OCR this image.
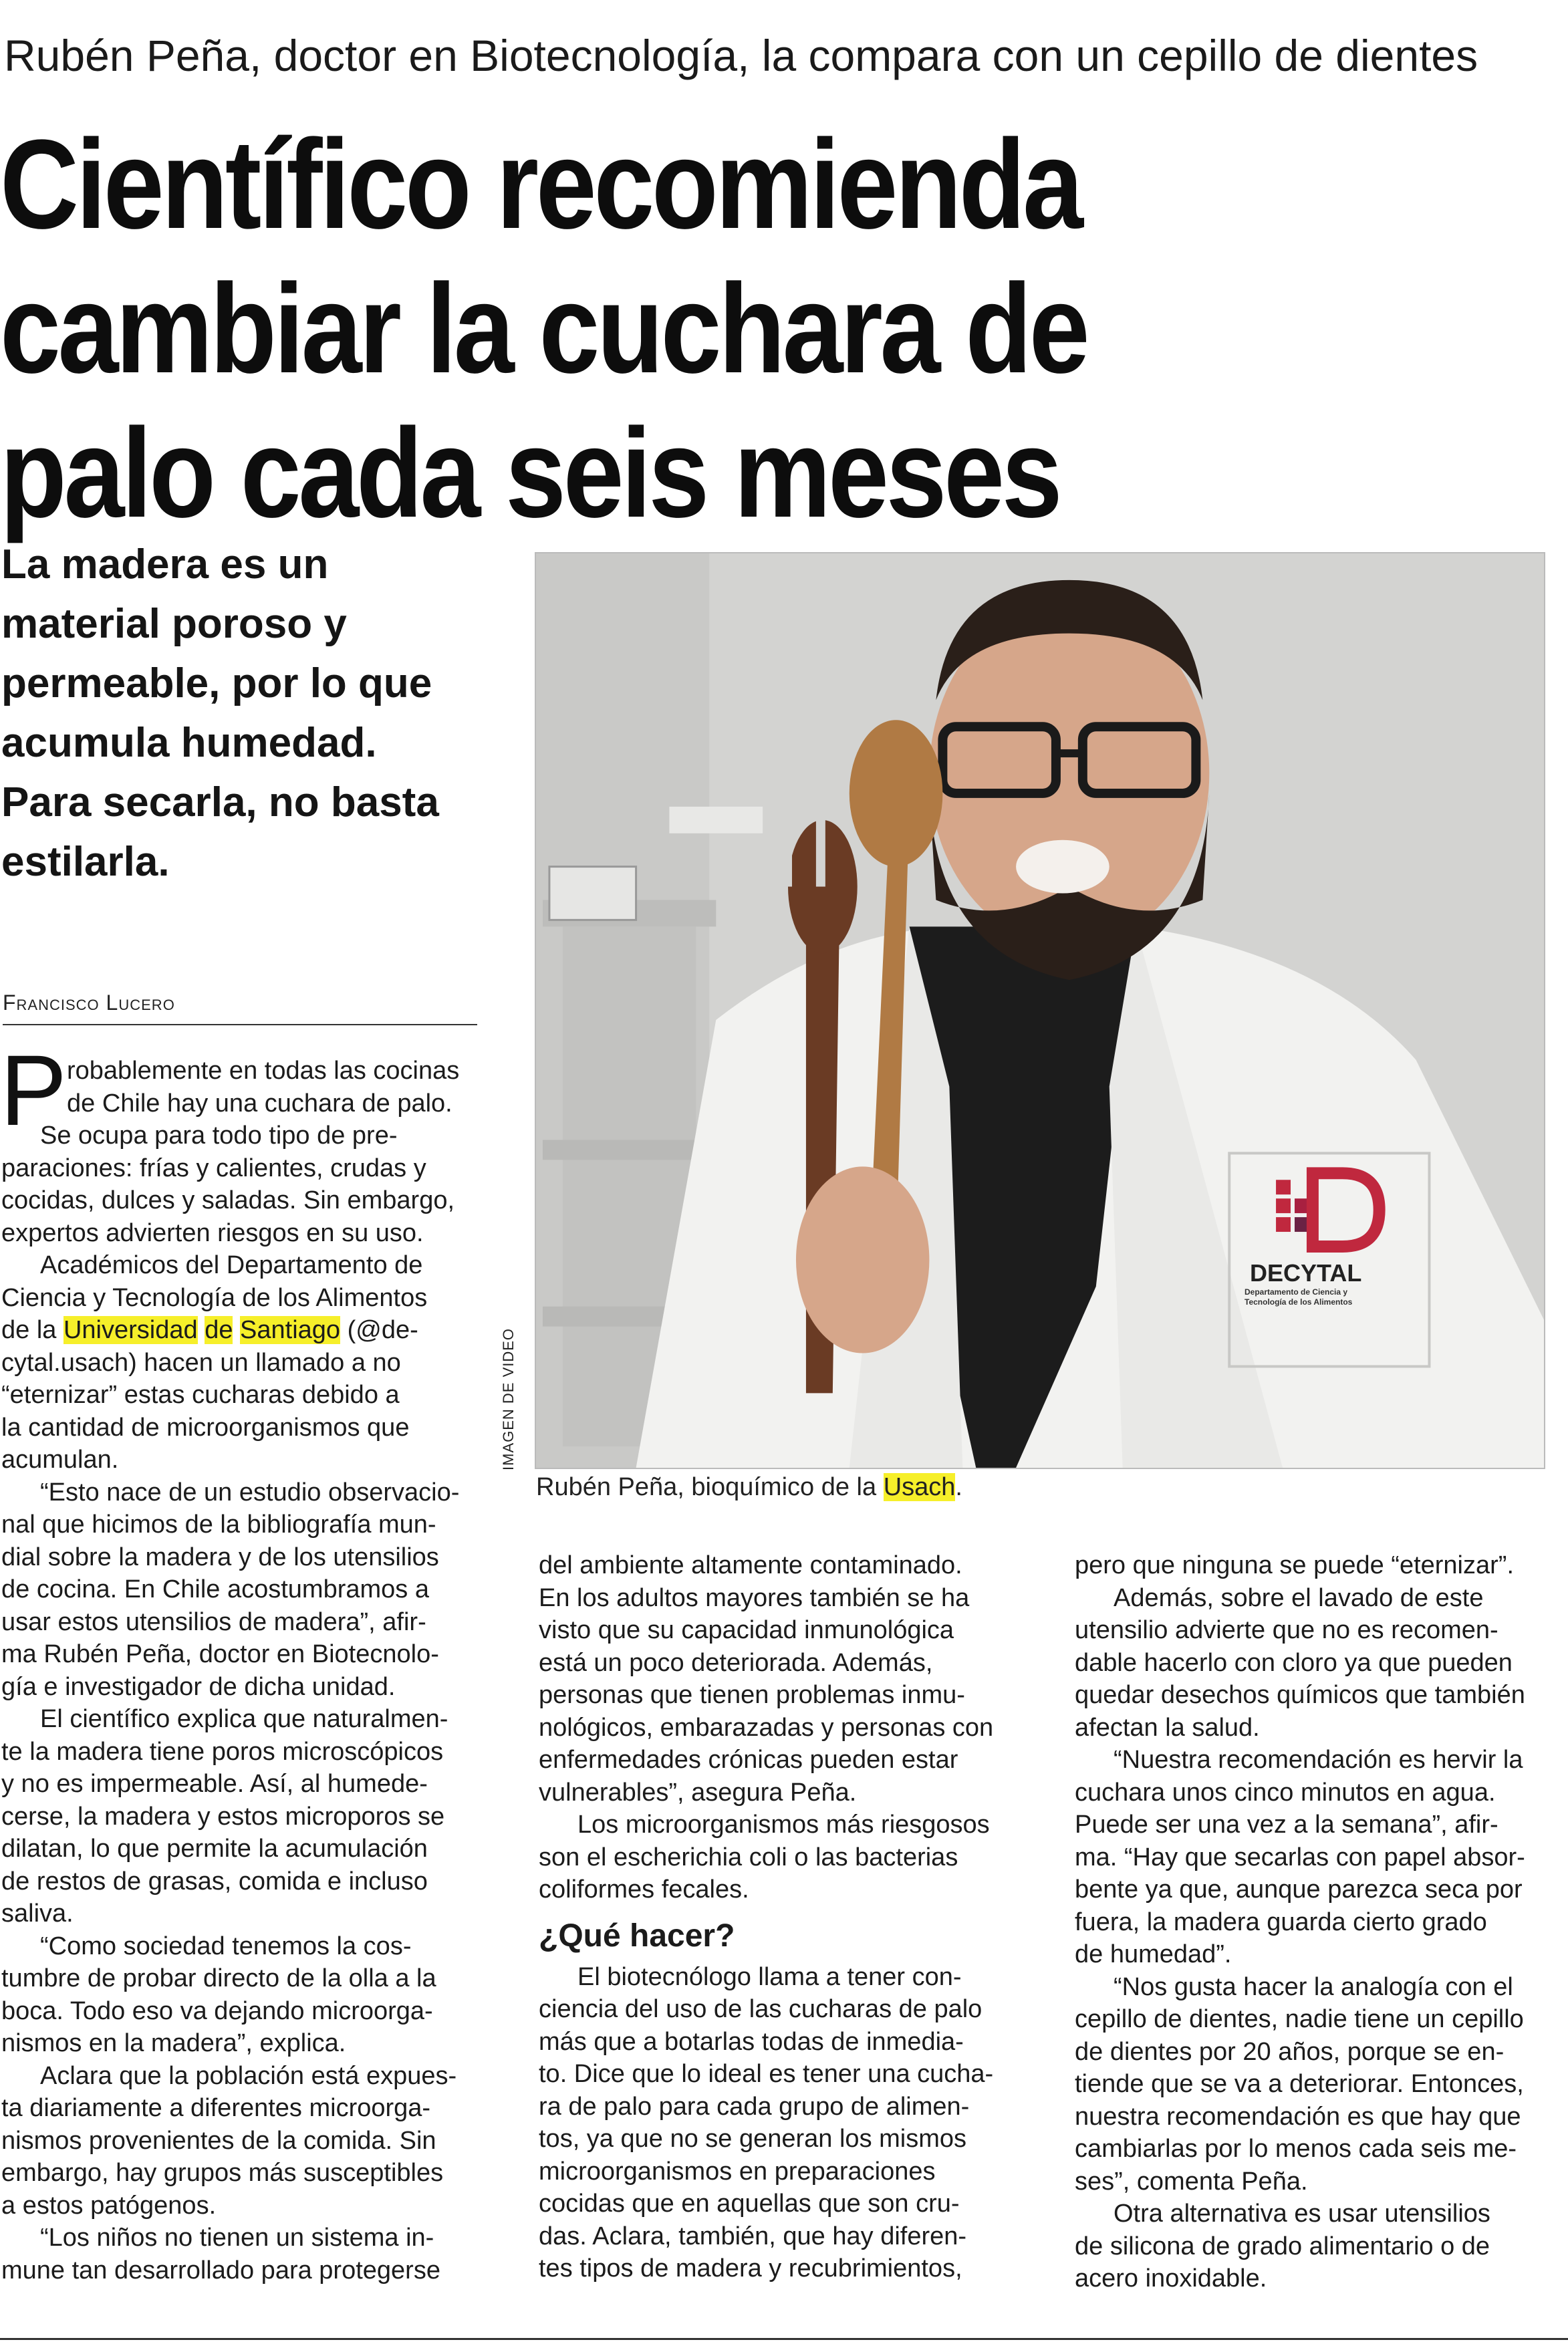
Rubén Peña, doctor en Biotecnología, la compara con un cepillo de dientes
Científico recomienda
cambiar la cuchara de
palo cada seis meses
La madera es un
material poroso y
permeable, por lo que
acumula humedad.
Para secarla, no basta
estilarla.
Francisco Lucero
DECYTAL
Departamento de Ciencia y
Tecnología de los Alimentos
IMAGEN DE VIDEO
Rubén Peña, bioquímico de la Usach.
P robablemente en todas las cocinas
de Chile hay una cuchara de palo.
Se ocupa para todo tipo de pre-
paraciones: frías y calientes, crudas y
cocidas, dulces y saladas. Sin embargo,
expertos advierten riesgos en su uso.
Académicos del Departamento de
Ciencia y Tecnología de los Alimentos
de la Universidad de Santiago (@de-
cytal.usach) hacen un llamado a no
“eternizar” estas cucharas debido a
la cantidad de microorganismos que
acumulan.
“Esto nace de un estudio observacio-
nal que hicimos de la bibliografía mun-
dial sobre la madera y de los utensilios
de cocina. En Chile acostumbramos a
usar estos utensilios de madera”, afir-
ma Rubén Peña, doctor en Biotecnolo-
gía e investigador de dicha unidad.
El científico explica que naturalmen-
te la madera tiene poros microscópicos
y no es impermeable. Así, al humede-
cerse, la madera y estos microporos se
dilatan, lo que permite la acumulación
de restos de grasas, comida e incluso
saliva.
“Como sociedad tenemos la cos-
tumbre de probar directo de la olla a la
boca. Todo eso va dejando microorga-
nismos en la madera”, explica.
Aclara que la población está expues-
ta diariamente a diferentes microorga-
nismos provenientes de la comida. Sin
embargo, hay grupos más susceptibles
a estos patógenos.
“Los niños no tienen un sistema in-
mune tan desarrollado para protegerse
del ambiente altamente contaminado.
En los adultos mayores también se ha
visto que su capacidad inmunológica
está un poco deteriorada. Además,
personas que tienen problemas inmu-
nológicos, embarazadas y personas con
enfermedades crónicas pueden estar
vulnerables”, asegura Peña.
Los microorganismos más riesgosos
son el escherichia coli o las bacterias
coliformes fecales.
¿Qué hacer?
El biotecnólogo llama a tener con-
ciencia del uso de las cucharas de palo
más que a botarlas todas de inmedia-
to. Dice que lo ideal es tener una cucha-
ra de palo para cada grupo de alimen-
tos, ya que no se generan los mismos
microorganismos en preparaciones
cocidas que en aquellas que son cru-
das. Aclara, también, que hay diferen-
tes tipos de madera y recubrimientos,
pero que ninguna se puede “eternizar”.
Además, sobre el lavado de este
utensilio advierte que no es recomen-
dable hacerlo con cloro ya que pueden
quedar desechos químicos que también
afectan la salud.
“Nuestra recomendación es hervir la
cuchara unos cinco minutos en agua.
Puede ser una vez a la semana”, afir-
ma. “Hay que secarlas con papel absor-
bente ya que, aunque parezca seca por
fuera, la madera guarda cierto grado
de humedad”.
“Nos gusta hacer la analogía con el
cepillo de dientes, nadie tiene un cepillo
de dientes por 20 años, porque se en-
tiende que se va a deteriorar. Entonces,
nuestra recomendación es que hay que
cambiarlas por lo menos cada seis me-
ses”, comenta Peña.
Otra alternativa es usar utensilios
de silicona de grado alimentario o de
acero inoxidable.
